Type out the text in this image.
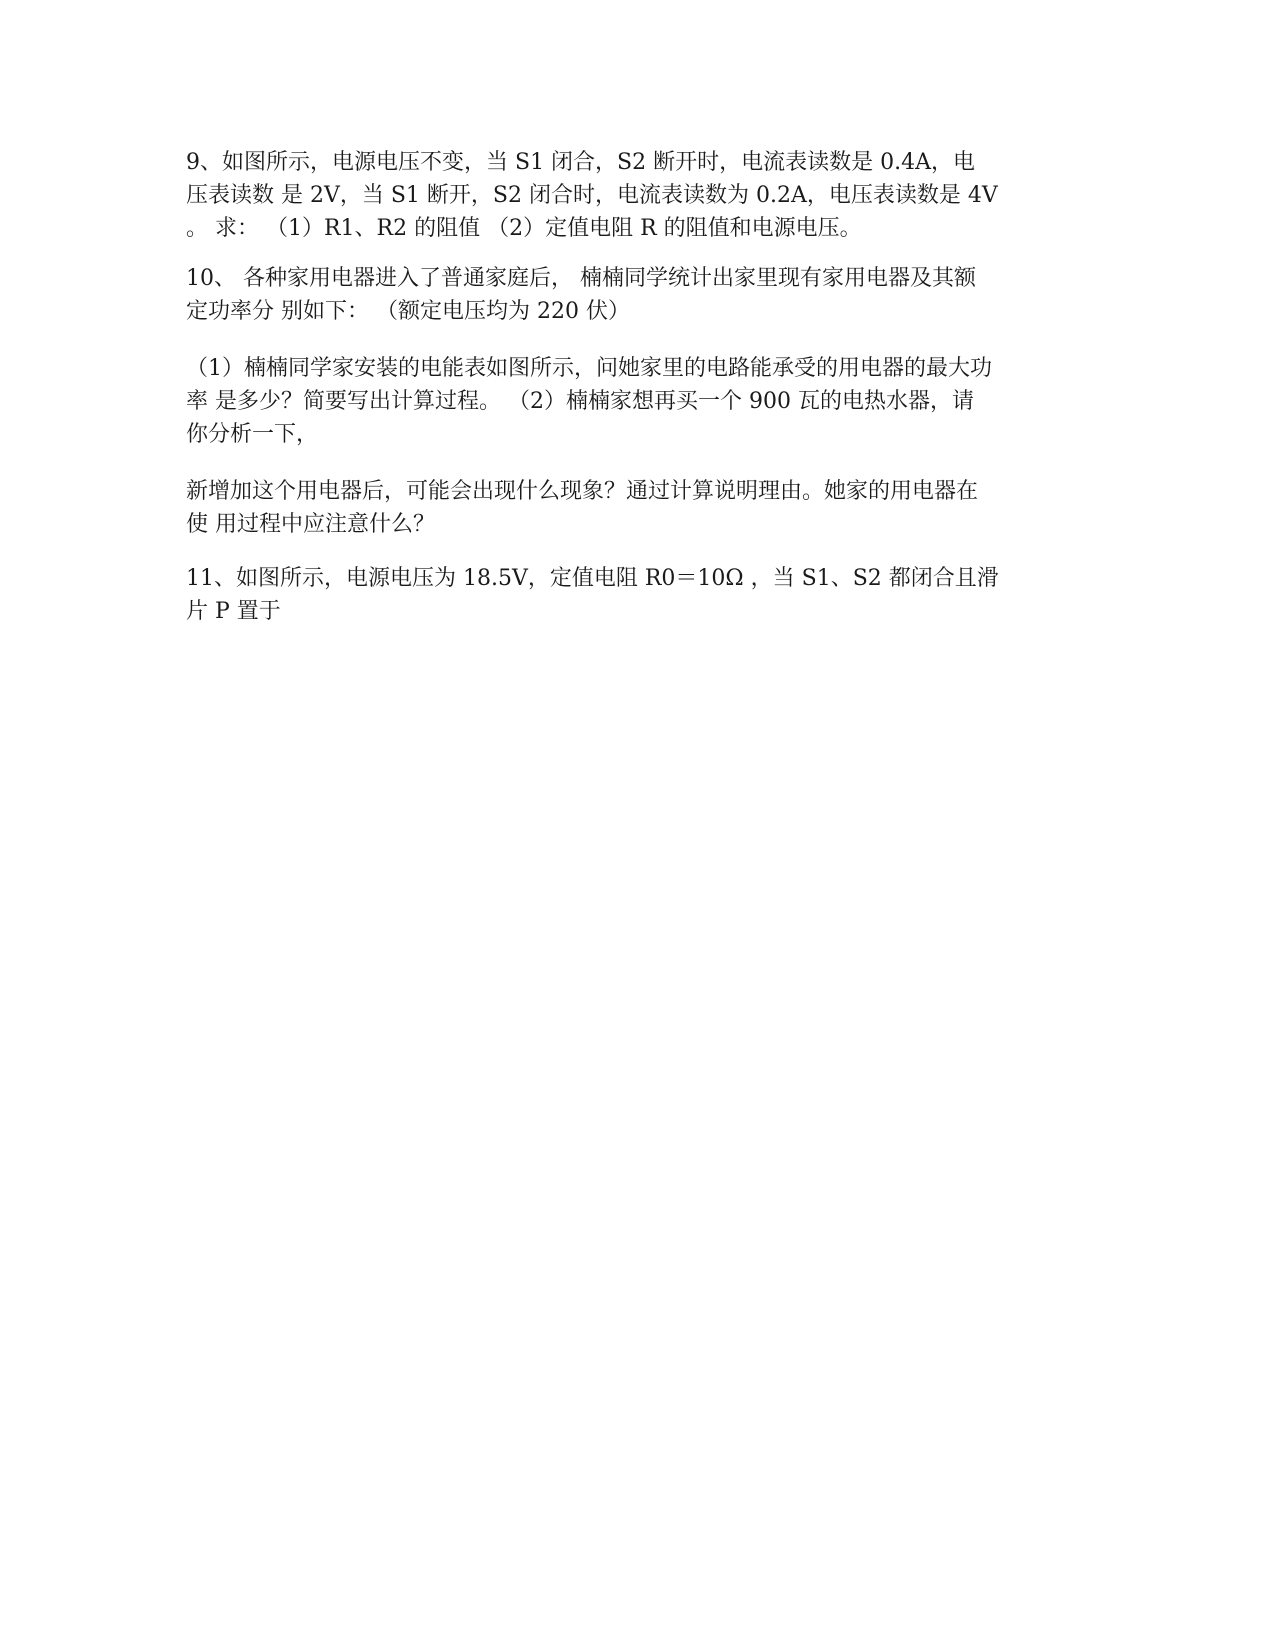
9、如图所示，电源电压不变，当 S1 闭合，S2 断开时，电流表读数是 0.4A，电
压表读数 是 2V，当 S1 断开，S2 闭合时，电流表读数为 0.2A，电压表读数是 4V
。 求： （1）R1、R2 的阻值 （2）定值电阻 R 的阻值和电源电压。
10、 各种家用电器进入了普通家庭后， 楠楠同学统计出家里现有家用电器及其额
定功率分 别如下： （额定电压均为 220 伏）
（1）楠楠同学家安装的电能表如图所示，问她家里的电路能承受的用电器的最大功
率 是多少？简要写出计算过程。 （2）楠楠家想再买一个 900 瓦的电热水器，请
你分析一下，
新增加这个用电器后，可能会出现什么现象？通过计算说明理由。她家的用电器在
使 用过程中应注意什么？
11、如图所示，电源电压为 18.5V，定值电阻 R0＝10Ω ，当 S1、S2 都闭合且滑
片 P 置于
